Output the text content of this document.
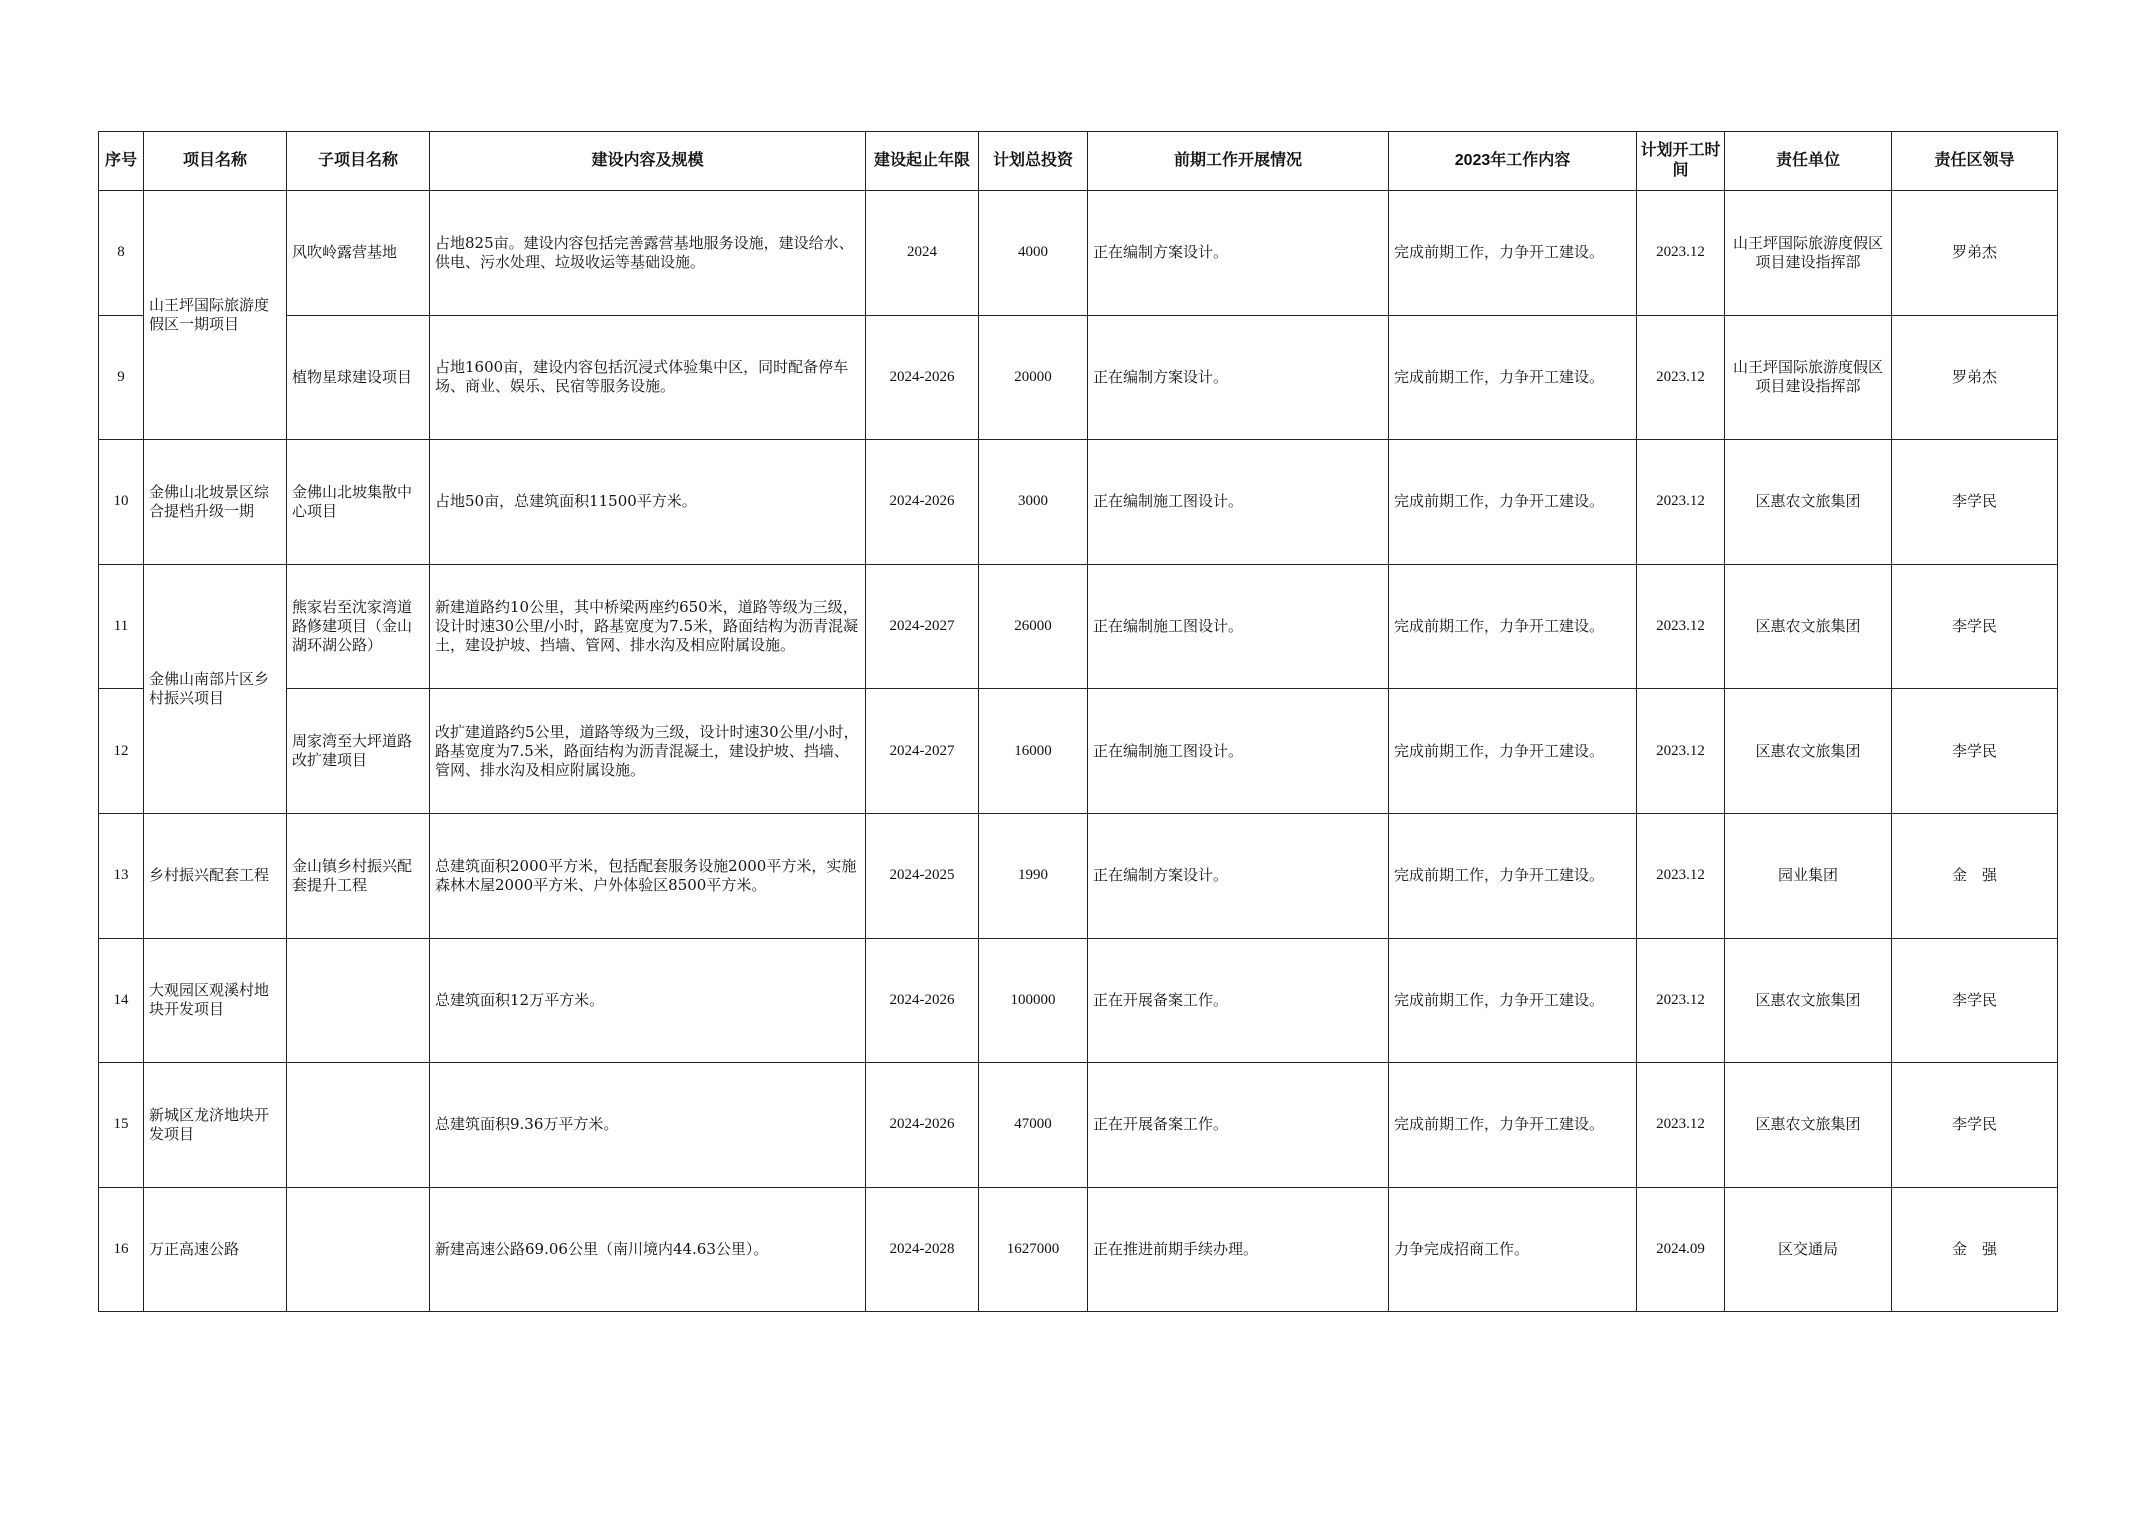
序号	项目名称	子项目名称	建设内容及规模	建设起止年限	计划总投资	前期工作开展情况	2023年工作内容	计划开工时间	责任单位	责任区领导
8	山王坪国际旅游度假区一期项目	风吹岭露营基地	占地825亩。建设内容包括完善露营基地服务设施，建设给水、供电、污水处理、垃圾收运等基础设施。	2024	4000	正在编制方案设计。	完成前期工作，力争开工建设。	2023.12	山王坪国际旅游度假区项目建设指挥部	罗弟杰
9		植物星球建设项目	占地1600亩，建设内容包括沉浸式体验集中区，同时配备停车场、商业、娱乐、民宿等服务设施。	2024-2026	20000	正在编制方案设计。	完成前期工作，力争开工建设。	2023.12	山王坪国际旅游度假区项目建设指挥部	罗弟杰
10	金佛山北坡景区综合提档升级一期	金佛山北坡集散中心项目	占地50亩，总建筑面积11500平方米。	2024-2026	3000	正在编制施工图设计。	完成前期工作，力争开工建设。	2023.12	区惠农文旅集团	李学民
11	金佛山南部片区乡村振兴项目	熊家岩至沈家湾道路修建项目（金山湖环湖公路）	新建道路约10公里，其中桥梁两座约650米，道路等级为三级，设计时速30公里/小时，路基宽度为7.5米，路面结构为沥青混凝土，建设护坡、挡墙、管网、排水沟及相应附属设施。	2024-2027	26000	正在编制施工图设计。	完成前期工作，力争开工建设。	2023.12	区惠农文旅集团	李学民
12		周家湾至大坪道路改扩建项目	改扩建道路约5公里，道路等级为三级，设计时速30公里/小时，路基宽度为7.5米，路面结构为沥青混凝土，建设护坡、挡墙、管网、排水沟及相应附属设施。	2024-2027	16000	正在编制施工图设计。	完成前期工作，力争开工建设。	2023.12	区惠农文旅集团	李学民
13	乡村振兴配套工程	金山镇乡村振兴配套提升工程	总建筑面积2000平方米，包括配套服务设施2000平方米，实施森林木屋2000平方米、户外体验区8500平方米。	2024-2025	1990	正在编制方案设计。	完成前期工作，力争开工建设。	2023.12	园业集团	金　强
14	大观园区观溪村地块开发项目		总建筑面积12万平方米。	2024-2026	100000	正在开展备案工作。	完成前期工作，力争开工建设。	2023.12	区惠农文旅集团	李学民
15	新城区龙济地块开发项目		总建筑面积9.36万平方米。	2024-2026	47000	正在开展备案工作。	完成前期工作，力争开工建设。	2023.12	区惠农文旅集团	李学民
16	万正高速公路		新建高速公路69.06公里（南川境内44.63公里）。	2024-2028	1627000	正在推进前期手续办理。	力争完成招商工作。	2024.09	区交通局	金　强
